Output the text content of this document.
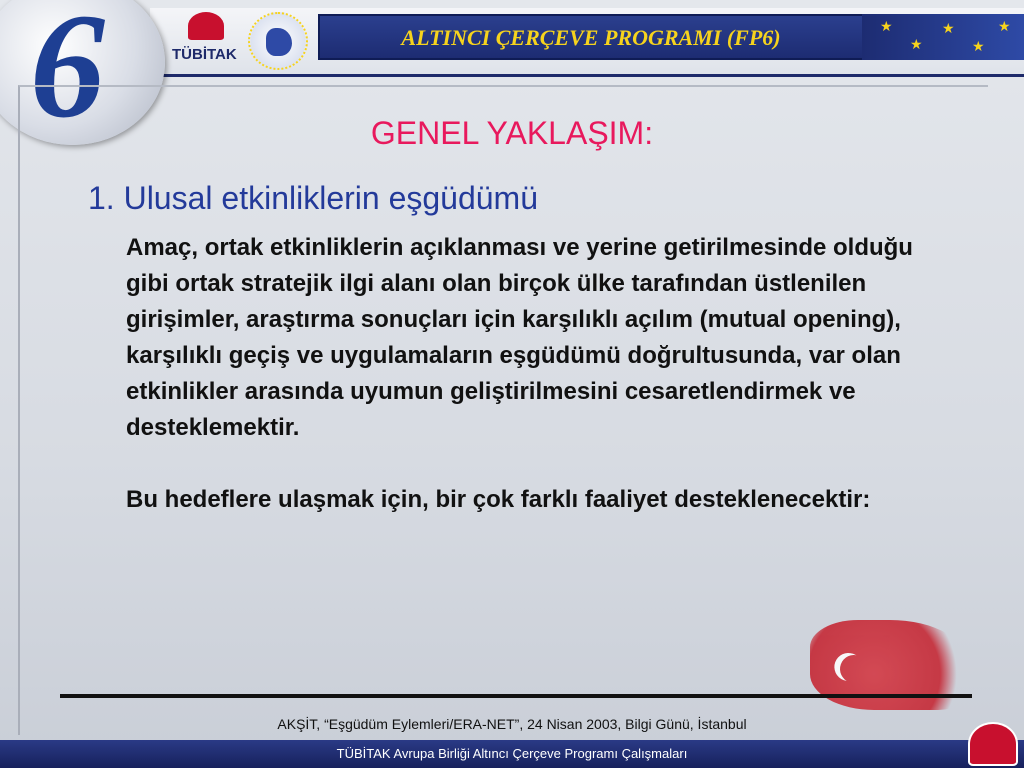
TÜBİTAK
ALTINCI ÇERÇEVE PROGRAMI (FP6)	★
★
★
★
★
6	GENEL YAKLAŞIM:
1. Ulusal etkinliklerin eşgüdümü

Amaç, ortak etkinliklerin açıklanması ve yerine getirilmesinde olduğu gibi ortak stratejik ilgi alanı olan birçok ülke tarafından üstlenilen girişimler, araştırma sonuçları için karşılıklı açılım (mutual opening), karşılıklı geçiş ve uygulamaların eşgüdümü doğrultusunda, var olan etkinlikler arasında uyumun geliştirilmesini cesaretlendirmek ve desteklemektir.

Bu hedeflere ulaşmak için, bir çok farklı faaliyet desteklenecektir:

AKŞİT, “Eşgüdüm Eylemleri/ERA-NET”, 24 Nisan 2003, Bilgi Günü, İstanbul
TÜBİTAK Avrupa Birliği Altıncı Çerçeve Programı Çalışmaları
